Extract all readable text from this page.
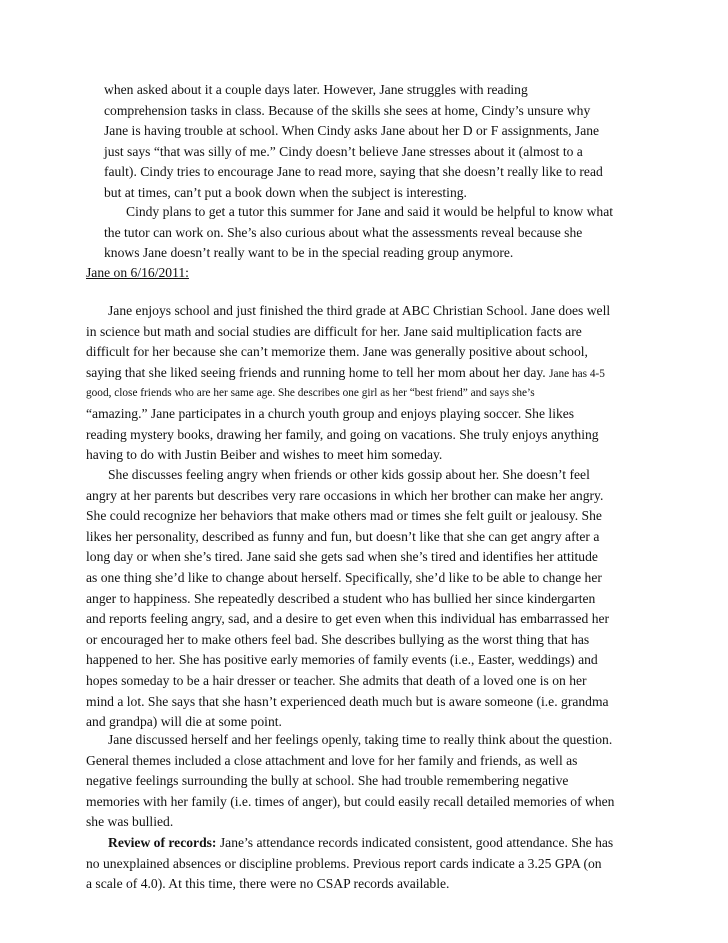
when asked about it a couple days later. However, Jane struggles with reading
comprehension tasks in class. Because of the skills she sees at home, Cindy’s unsure why
Jane is having trouble at school. When Cindy asks Jane about her D or F assignments, Jane
just says “that was silly of me.” Cindy doesn’t believe Jane stresses about it (almost to a
fault). Cindy tries to encourage Jane to read more, saying that she doesn’t really like to read
but at times, can’t put a book down when the subject is interesting.
Cindy plans to get a tutor this summer for Jane and said it would be helpful to know what
the tutor can work on. She’s also curious about what the assessments reveal because she
knows Jane doesn’t really want to be in the special reading group anymore.
Jane on 6/16/2011:
Jane enjoys school and just finished the third grade at ABC Christian School. Jane does well
in science but math and social studies are difficult for her. Jane said multiplication facts are
difficult for her because she can’t memorize them. Jane was generally positive about school,
saying that she liked seeing friends and running home to tell her mom about her day. Jane has 4-5
good, close friends who are her same age. She describes one girl as her “best friend” and says she’s
“amazing.” Jane participates in a church youth group and enjoys playing soccer. She likes
reading mystery books, drawing her family, and going on vacations. She truly enjoys anything
having to do with Justin Beiber and wishes to meet him someday.
She discusses feeling angry when friends or other kids gossip about her. She doesn’t feel
angry at her parents but describes very rare occasions in which her brother can make her angry.
She could recognize her behaviors that make others mad or times she felt guilt or jealousy. She
likes her personality, described as funny and fun, but doesn’t like that she can get angry after a
long day or when she’s tired. Jane said she gets sad when she’s tired and identifies her attitude
as one thing she’d like to change about herself. Specifically, she’d like to be able to change her
anger to happiness. She repeatedly described a student who has bullied her since kindergarten
and reports feeling angry, sad, and a desire to get even when this individual has embarrassed her
or encouraged her to make others feel bad. She describes bullying as the worst thing that has
happened to her. She has positive early memories of family events (i.e., Easter, weddings) and
hopes someday to be a hair dresser or teacher. She admits that death of a loved one is on her
mind a lot. She says that she hasn’t experienced death much but is aware someone (i.e. grandma
and grandpa) will die at some point.
Jane discussed herself and her feelings openly, taking time to really think about the question.
General themes included a close attachment and love for her family and friends, as well as
negative feelings surrounding the bully at school. She had trouble remembering negative
memories with her family (i.e. times of anger), but could easily recall detailed memories of when
she was bullied.
Review of records: Jane’s attendance records indicated consistent, good attendance. She has
no unexplained absences or discipline problems. Previous report cards indicate a 3.25 GPA (on
a scale of 4.0). At this time, there were no CSAP records available.
